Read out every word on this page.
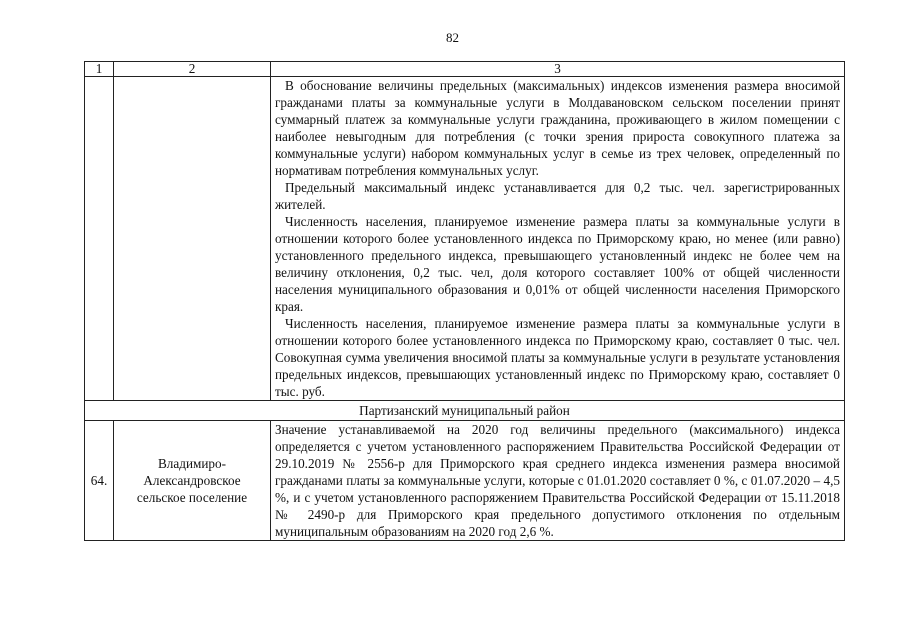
82
1	2	3

		В обоснование величины предельных (максимальных) индексов изменения размера вносимой гражданами платы за коммунальные услуги в Молдавановском сельском поселении принят суммарный платеж за коммунальные услуги гражданина, проживающего в жилом помещении с наиболее невыгодным для потребления (с точки зрения прироста совокупного платежа за коммунальные услуги) набором коммунальных услуг в семье из трех человек, определенный по нормативам потребления коммунальных услуг.
Предельный максимальный индекс устанавливается для 0,2 тыс. чел. зарегистрированных жителей.
Численность населения, планируемое изменение размера платы за коммунальные услуги в отношении которого более установленного индекса по Приморскому краю, но менее (или равно) установленного предельного индекса, превышающего установленный индекс не более чем на величину отклонения, 0,2 тыс. чел, доля которого составляет 100% от общей численности населения муниципального образования и 0,01% от общей численности населения Приморского края.
Численность населения, планируемое изменение размера платы за коммунальные услуги в отношении которого более установленного индекса по Приморскому краю, составляет 0 тыс. чел. Совокупная сумма увеличения вносимой платы за коммунальные услуги в результате установления предельных индексов, превышающих установленный индекс по Приморскому краю, составляет 0 тыс. руб.

Партизанский муниципальный район		
64.	Владимиро-Александровское сельское поселение	Значение устанавливаемой на 2020 год величины предельного (максимального) индекса определяется с учетом установленного распоряжением Правительства Российской Федерации от 29.10.2019 № 2556-р для Приморского края среднего индекса изменения размера вносимой гражданами платы за коммунальные услуги, которые с 01.01.2020 составляет 0 %, с 01.07.2020 – 4,5 %, и с учетом установленного распоряжением Правительства Российской Федерации от 15.11.2018 № 2490-р для Приморского края предельного допустимого отклонения по отдельным муниципальным образованиям на 2020 год 2,6 %.
